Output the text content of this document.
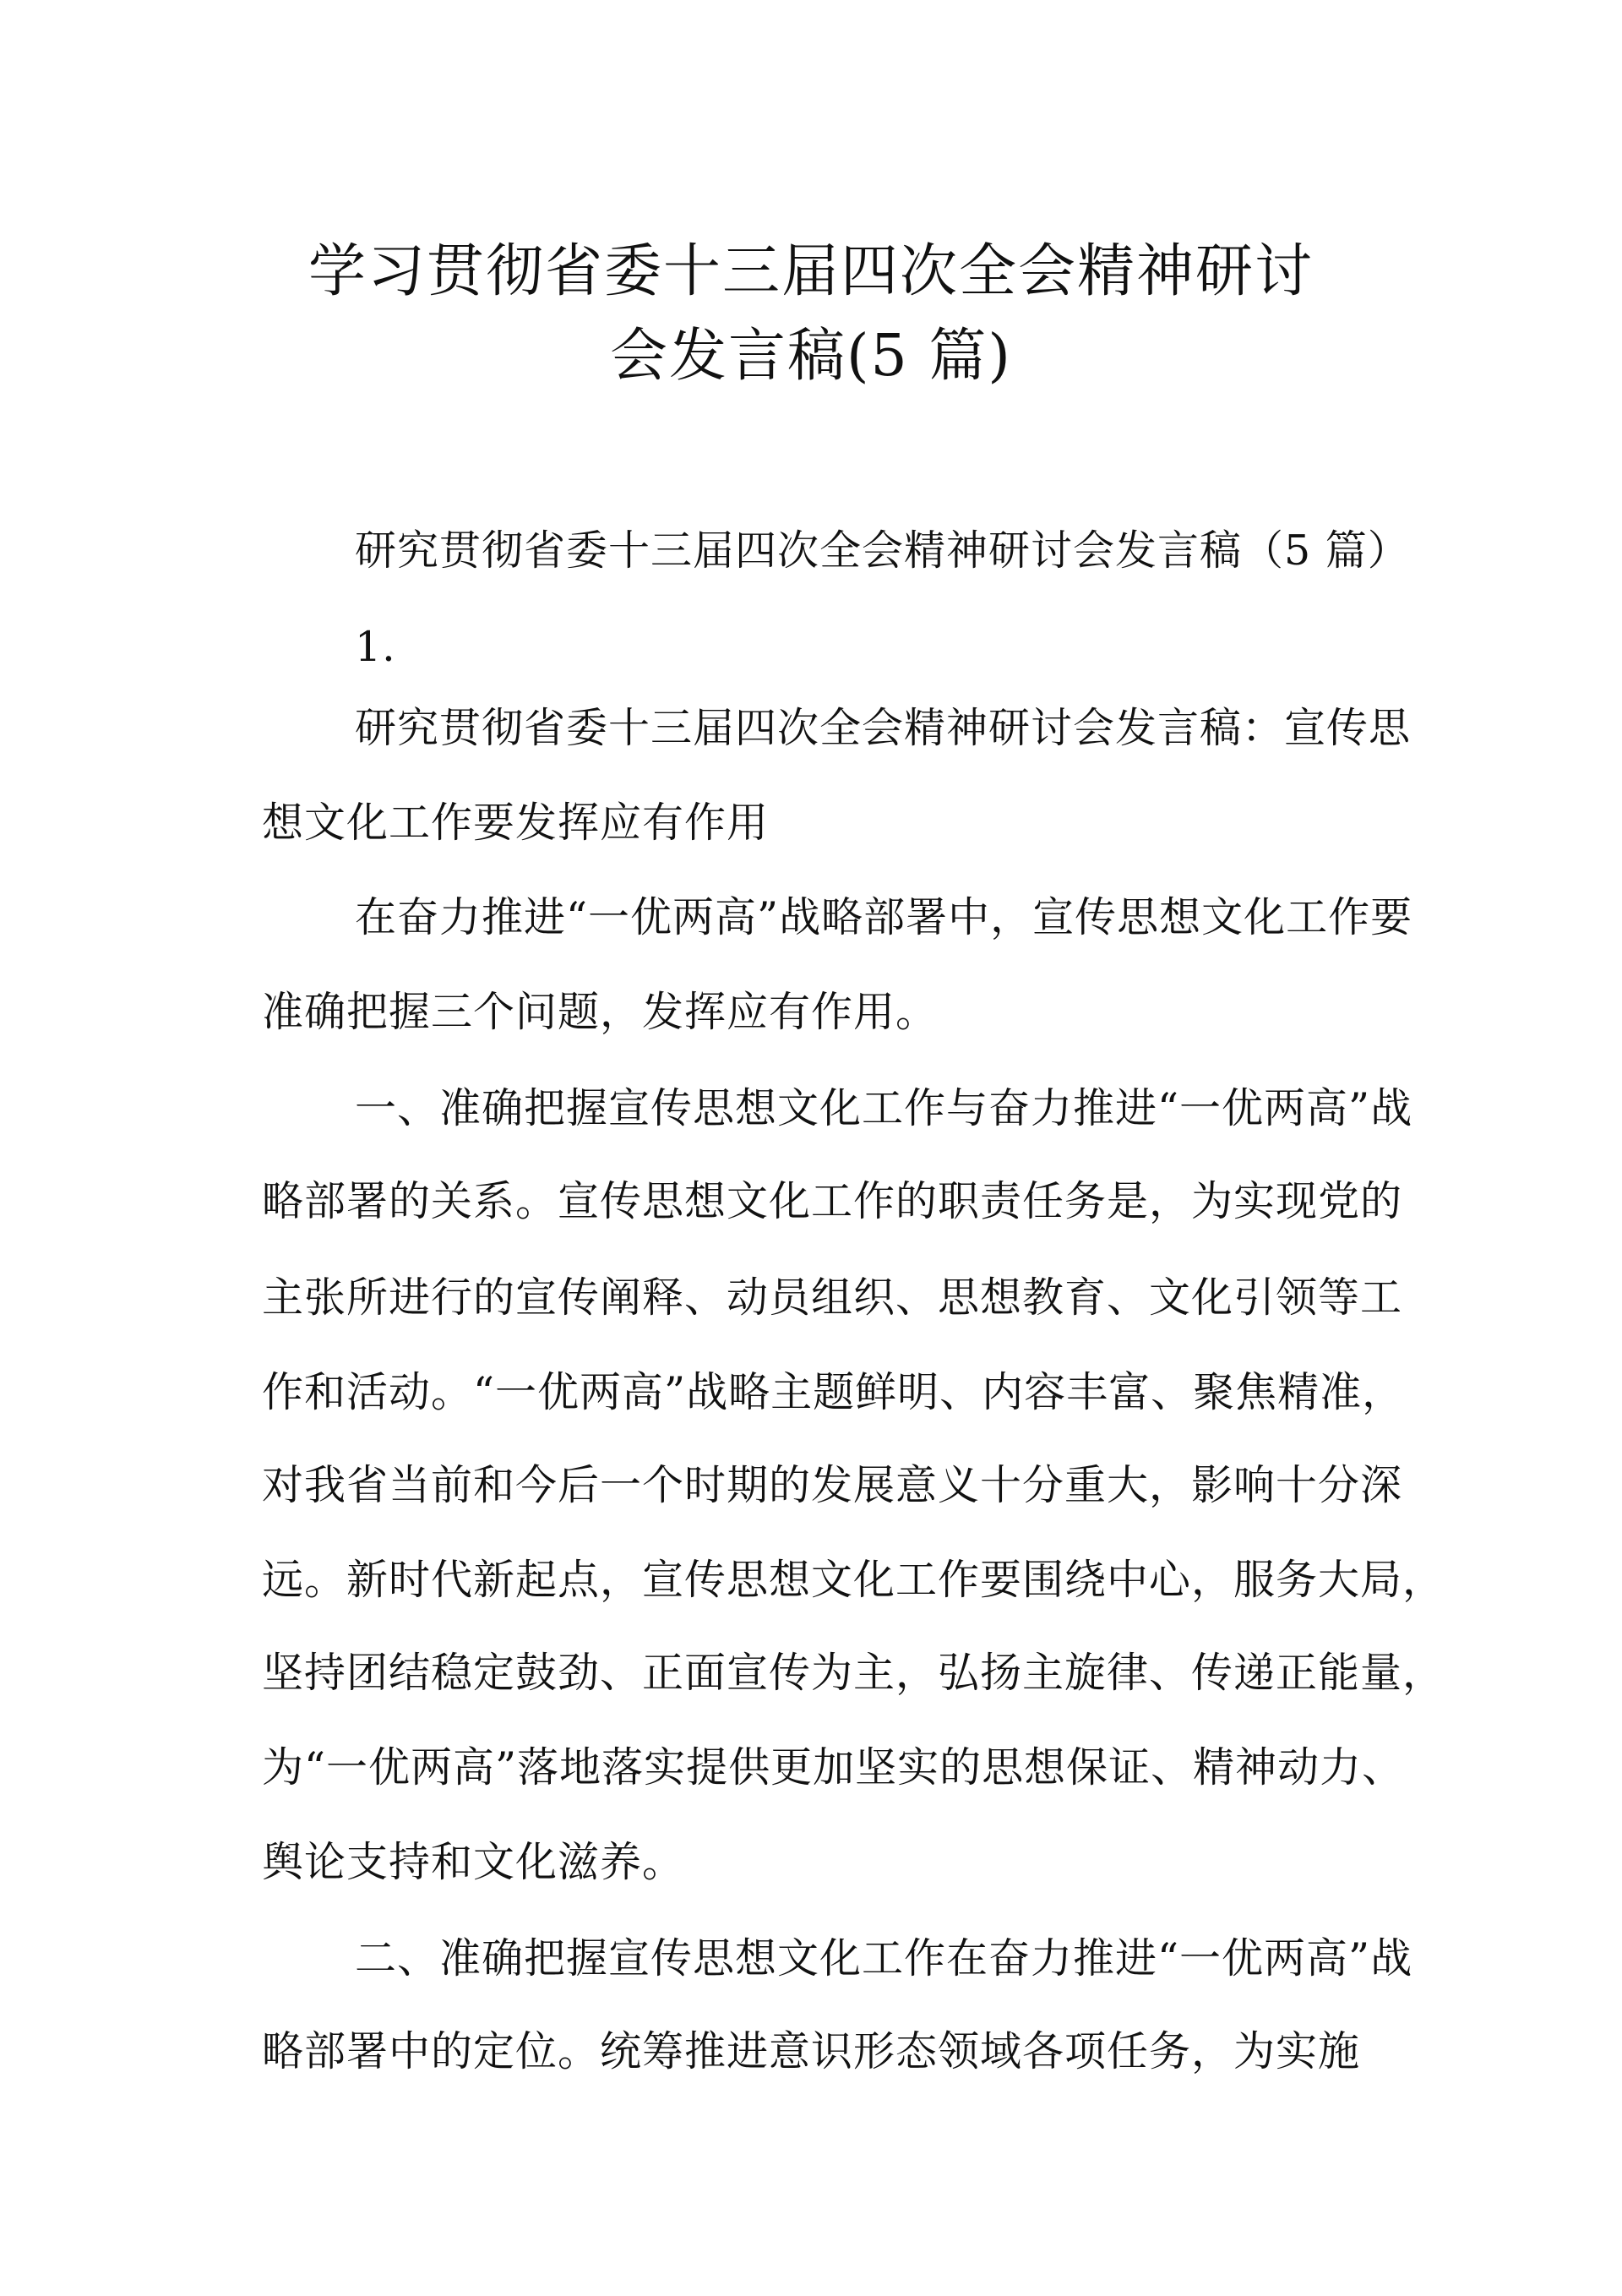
学习贯彻省委十三届四次全会精神研讨
会发言稿(5 篇)
研究贯彻省委十三届四次全会精神研讨会发言稿（5 篇）
1.
研究贯彻省委十三届四次全会精神研讨会发言稿：宣传思
想文化工作要发挥应有作用
在奋力推进“一优两高”战略部署中，宣传思想文化工作要
准确把握三个问题，发挥应有作用。
一、准确把握宣传思想文化工作与奋力推进“一优两高”战
略部署的关系。宣传思想文化工作的职责任务是，为实现党的
主张所进行的宣传阐释、动员组织、思想教育、文化引领等工
作和活动。“一优两高”战略主题鲜明、内容丰富、聚焦精准，
对我省当前和今后一个时期的发展意义十分重大，影响十分深
远。新时代新起点，宣传思想文化工作要围绕中心，服务大局，
坚持团结稳定鼓劲、正面宣传为主，弘扬主旋律、传递正能量，
为“一优两高”落地落实提供更加坚实的思想保证、精神动力、
舆论支持和文化滋养。
二、准确把握宣传思想文化工作在奋力推进“一优两高”战
略部署中的定位。统筹推进意识形态领域各项任务，为实施
